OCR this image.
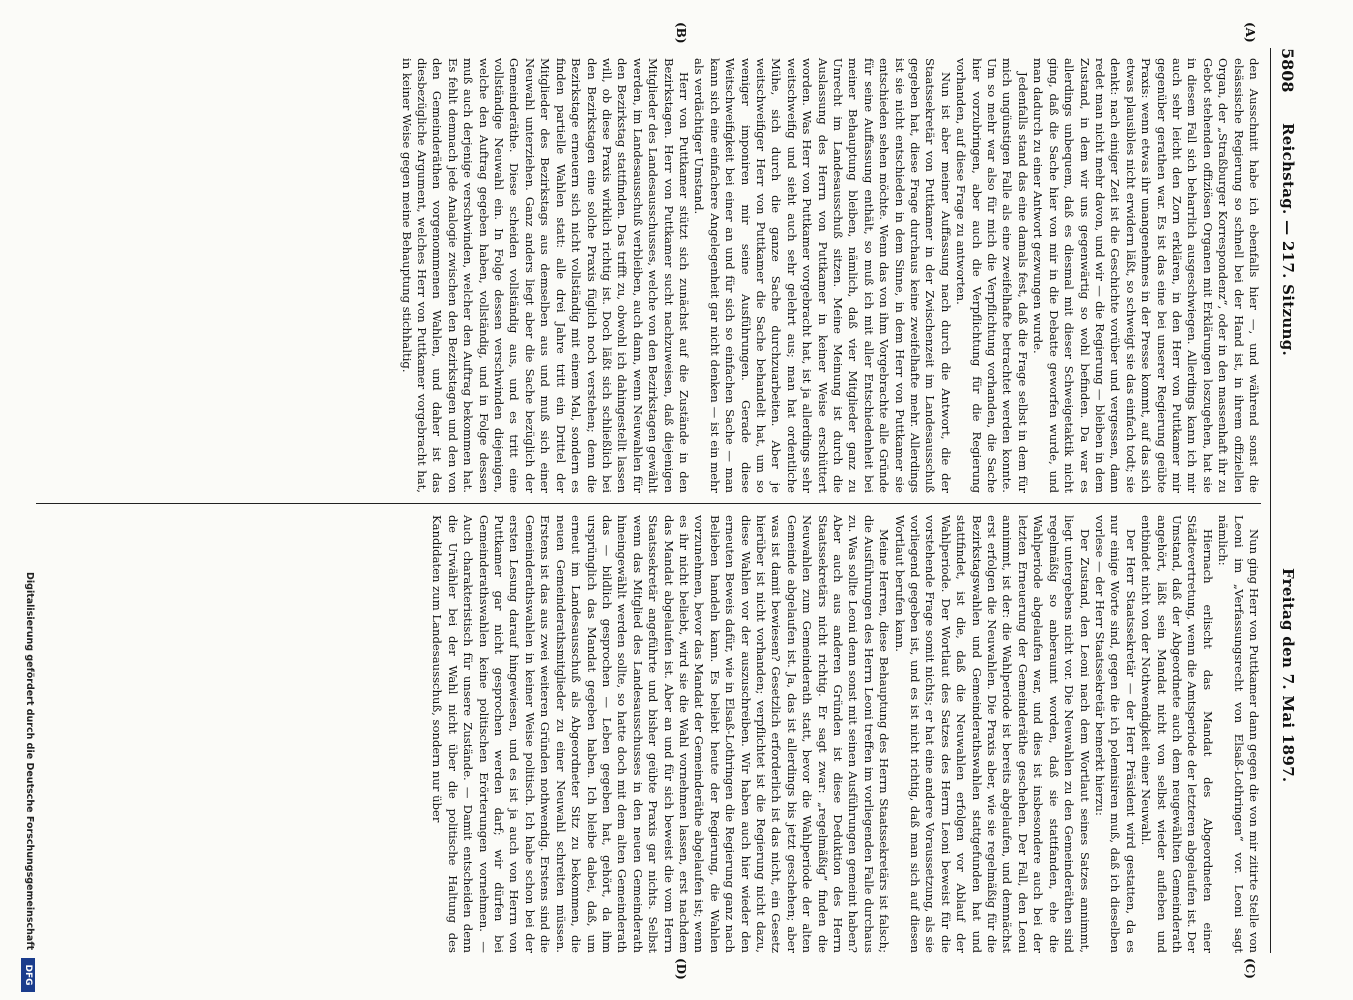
5808
Reichstag. — 217. Sitzung.
Freitag den 7. Mai 1897.
(A)
(B)
(C)
(D)

den Ausschnitt habe ich ebenfalls hier —, und während sonst die elsässische Regierung so schnell bei der Hand ist, in ihrem offiziellen Organ, der „Straßburger Korrespondenz“, oder in den massenhaft ihr zu Gebot stehenden offiziösen Organen mit Erklärungen loszugehen, hat sie in diesem Fall sich beharrlich ausgeschwiegen. Allerdings kann ich mir auch sehr leicht den Zorn erklären, in den Herr von Puttkamer mir gegenüber gerathen war. Es ist das eine bei unserer Regierung geübte Praxis: wenn etwas ihr unangenehmes in der Presse kommt, auf das sich etwas plausibles nicht erwidern läßt, so schweigt sie das einfach todt; sie denkt: nach einiger Zeit ist die Geschichte vorüber und vergessen, dann redet man nicht mehr davon, und wir — die Regierung — bleiben in dem Zustand, in dem wir uns gegenwärtig so wohl befinden. Da war es allerdings unbequem, daß es diesmal mit dieser Schweigetaktik nicht ging, daß die Sache hier von mir in die Debatte geworfen wurde, und man dadurch zu einer Antwort gezwungen wurde.

Jedenfalls stand das eine damals fest, daß die Frage selbst in dem für mich ungünstigen Falle als eine zweifelhafte betrachtet werden konnte. Um so mehr war also für mich die Verpflichtung vorhanden, die Sache hier vorzubringen, aber auch die Verpflichtung für die Regierung vorhanden, auf diese Frage zu antworten.

Nun ist aber meiner Auffassung nach durch die Antwort, die der Staatssekretär von Puttkamer in der Zwischenzeit im Landesausschuß gegeben hat, diese Frage durchaus keine zweifelhafte mehr. Allerdings ist sie nicht entschieden in dem Sinne, in dem Herr von Puttkamer sie entschieden sehen möchte. Wenn das von ihm Vorgebrachte alle Gründe für seine Auffassung enthält, so muß ich mit aller Entschiedenheit bei meiner Behauptung bleiben, nämlich, daß vier Mitglieder ganz zu Unrecht im Landesausschuß sitzen. Meine Meinung ist durch die Auslassung des Herrn von Puttkamer in keiner Weise erschüttert worden. Was Herr von Puttkamer vorgebracht hat, ist ja allerdings sehr weitschweifig und sieht auch sehr gelehrt aus; man hat ordentliche Mühe, sich durch die ganze Sache durchzuarbeiten. Aber je weitschweifiger Herr von Puttkamer die Sache behandelt hat, um so weniger imponiren mir seine Ausführungen. Gerade diese Weitschweifigkeit bei einer an und für sich so einfachen Sache — man kann sich eine einfachere Angelegenheit gar nicht denken — ist ein mehr als verdächtiger Umstand.

Herr von Puttkamer stützt sich zunächst auf die Zustände in den Bezirkstagen. Herr von Puttkamer sucht nachzuweisen, daß diejenigen Mitglieder des Landesausschusses, welche von den Bezirkstagen gewählt werden, im Landesausschuß verbleiben, auch dann, wenn Neuwahlen für den Bezirkstag stattfinden. Das trifft zu, obwohl ich dahingestellt lassen will, ob diese Praxis wirklich richtig ist. Doch läßt sich schließlich bei den Bezirkstagen eine solche Praxis füglich noch verstehen; denn die Bezirkstage erneuern sich nicht vollständig mit einem Mal, sondern es finden partielle Wahlen statt: alle drei Jahre tritt ein Drittel der Mitglieder des Bezirkstags aus demselben aus und muß sich einer Neuwahl unterziehen. Ganz anders liegt aber die Sache bezüglich der Gemeinderäthe. Diese scheiden vollständig aus, und es tritt eine vollständige Neuwahl ein. In Folge dessen verschwinden diejenigen, welche den Auftrag gegeben haben, vollständig, und in Folge dessen muß auch derjenige verschwinden, welcher den Auftrag bekommen hat. Es fehlt demnach jede Analogie zwischen den Bezirkstagen und den von den Gemeinderäthen vorgenommenen Wahlen, und daher ist das diesbezügliche Argument, welches Herr von Puttkamer vorgebracht hat, in keiner Weise gegen meine Behauptung stichhaltig.

Nun ging Herr von Puttkamer dann gegen die von mir zitirte Stelle von Leoni im „Verfassungsrecht von Elsaß-Lothringen“ vor. Leoni sagt nämlich:

Hiernach erlischt das Mandat des Abgeordneten einer Städtevertretung, wenn die Amtsperiode der letzteren abgelaufen ist. Der Umstand, daß der Abgeordnete auch dem neugewählten Gemeinderath angehört, läßt sein Mandat nicht von selbst wieder aufleben und entbindet nicht von der Nothwendigkeit einer Neuwahl.

Der Herr Staatssekretär — der Herr Präsident wird gestatten, da es nur einige Worte sind, gegen die ich polemisiren muß, daß ich dieselben vorlese — der Herr Staatssekretär bemerkt hierzu:

Der Zustand, den Leoni nach dem Wortlaut seines Satzes annimmt, liegt untergebens nicht vor. Die Neuwahlen zu den Gemeinderäthen sind regelmäßig so anberaumt worden, daß sie stattfanden, ehe die Wahlperiode abgelaufen war, und dies ist insbesondere auch bei der letzten Erneuerung der Gemeinderäthe geschehen. Der Fall, den Leoni annimmt, ist der: die Wahlperiode ist bereits abgelaufen, und demnächst erst erfolgen die Neuwahlen. Die Praxis aber, wie sie regelmäßig für die Bezirkstagswahlen und Gemeinderathswahlen stattgefunden hat und stattfindet, ist die, daß die Neuwahlen erfolgen vor Ablauf der Wahlperiode. Der Wortlaut des Satzes des Herrn Leoni beweist für die vorstehende Frage somit nichts; er hat eine andere Voraussetzung, als sie vorliegend gegeben ist, und es ist nicht richtig, daß man sich auf diesen Wortlaut berufen kann.

Meine Herren, diese Behauptung des Herrn Staatssekretärs ist falsch; die Ausführungen des Herrn Leoni treffen im vorliegenden Falle durchaus zu. Was sollte Leoni denn sonst mit seinen Ausführungen gemeint haben? Aber auch aus anderen Gründen ist diese Deduktion des Herrn Staatssekretärs nicht richtig. Er sagt zwar: „regelmäßig“ finden die Neuwahlen zum Gemeinderath statt, bevor die Wahlperiode der alten Gemeinde abgelaufen ist. Ja, das ist allerdings bis jetzt geschehen; aber was ist damit bewiesen? Gesetzlich erforderlich ist das nicht, ein Gesetz hierüber ist nicht vorhanden; verpflichtet ist die Regierung nicht dazu, diese Wahlen vor der auszuschreiben. Wir haben auch hier wieder den erneuten Beweis dafür, wie in Elsaß-Lothringen die Regierung ganz nach Belieben handeln kann. Es beliebt heute der Regierung, die Wahlen vorzunehmen, bevor das Mandat der Gemeinderäthe abgelaufen ist; wenn es ihr nicht beliebt, wird sie die Wahl vornehmen lassen, erst nachdem das Mandat abgelaufen ist. Aber an und für sich beweist die vom Herrn Staatssekretär angeführte und bisher geübte Praxis gar nichts. Selbst wenn das Mitglied des Landesausschusses in den neuen Gemeinderath hineingewählt werden sollte, so hatte doch mit dem alten Gemeinderath das — bildlich gesprochen — Leben gegeben hat, gehört, da ihm ursprünglich das Mandat gegeben haben. Ich bleibe dabei, daß, um erneut im Landesausschuß als Abgeordneter Sitz zu bekommen, die neuen Gemeinderathsmitglieder zu einer Neuwahl schreiten müssen. Erstens ist das aus zwei weiteren Gründen nothwendig. Erstens sind die Gemeinderathswahlen in keiner Weise politisch. Ich habe schon bei der ersten Lesung darauf hingewiesen, und es ist ja auch von Herrn von Puttkamer gar nicht gesprochen werden darf; wir dürfen bei Gemeinderathswahlen keine politischen Erörterungen vornehmen. — Auch charakteristisch für unsere Zustände. — Damit entscheiden denn die Urwähler bei der Wahl nicht über die politische Haltung des Kandidaten zum Landesausschuß, sondern nur über

Digitalisierung gefördert durch die Deutsche Forschungsgemeinschaft
DFG
